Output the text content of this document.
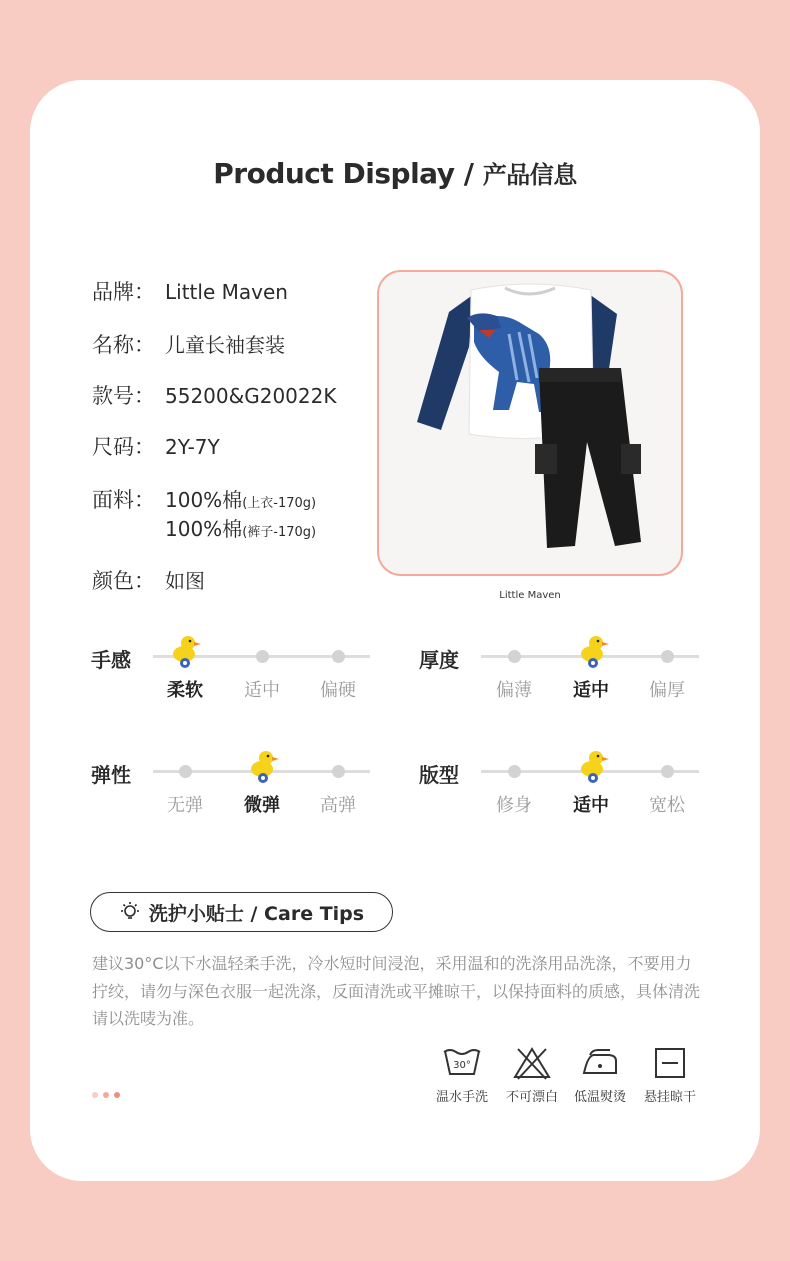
Product Display / 产品信息
品牌： Little Maven
名称： 儿童长袖套装
款号： 55200&G20022K
尺码： 2Y-7Y
面料： 100%棉(上衣-170g)
100%棉(裤子-170g)
颜色： 如图
Little Maven
手感
柔软	适中	偏硬
厚度
偏薄	适中	偏厚
弹性
无弹	微弹	高弹
版型
修身	适中	宽松
洗护小贴士 / Care Tips
建议30°C以下水温轻柔手洗，冷水短时间浸泡，采用温和的洗涤用品洗涤，不要用力拧绞，请勿与深色衣服一起洗涤，反面清洗或平摊晾干，以保持面料的质感，具体清洗请以洗唛为准。
30°
温水手洗	不可漂白	低温熨烫	悬挂晾干
